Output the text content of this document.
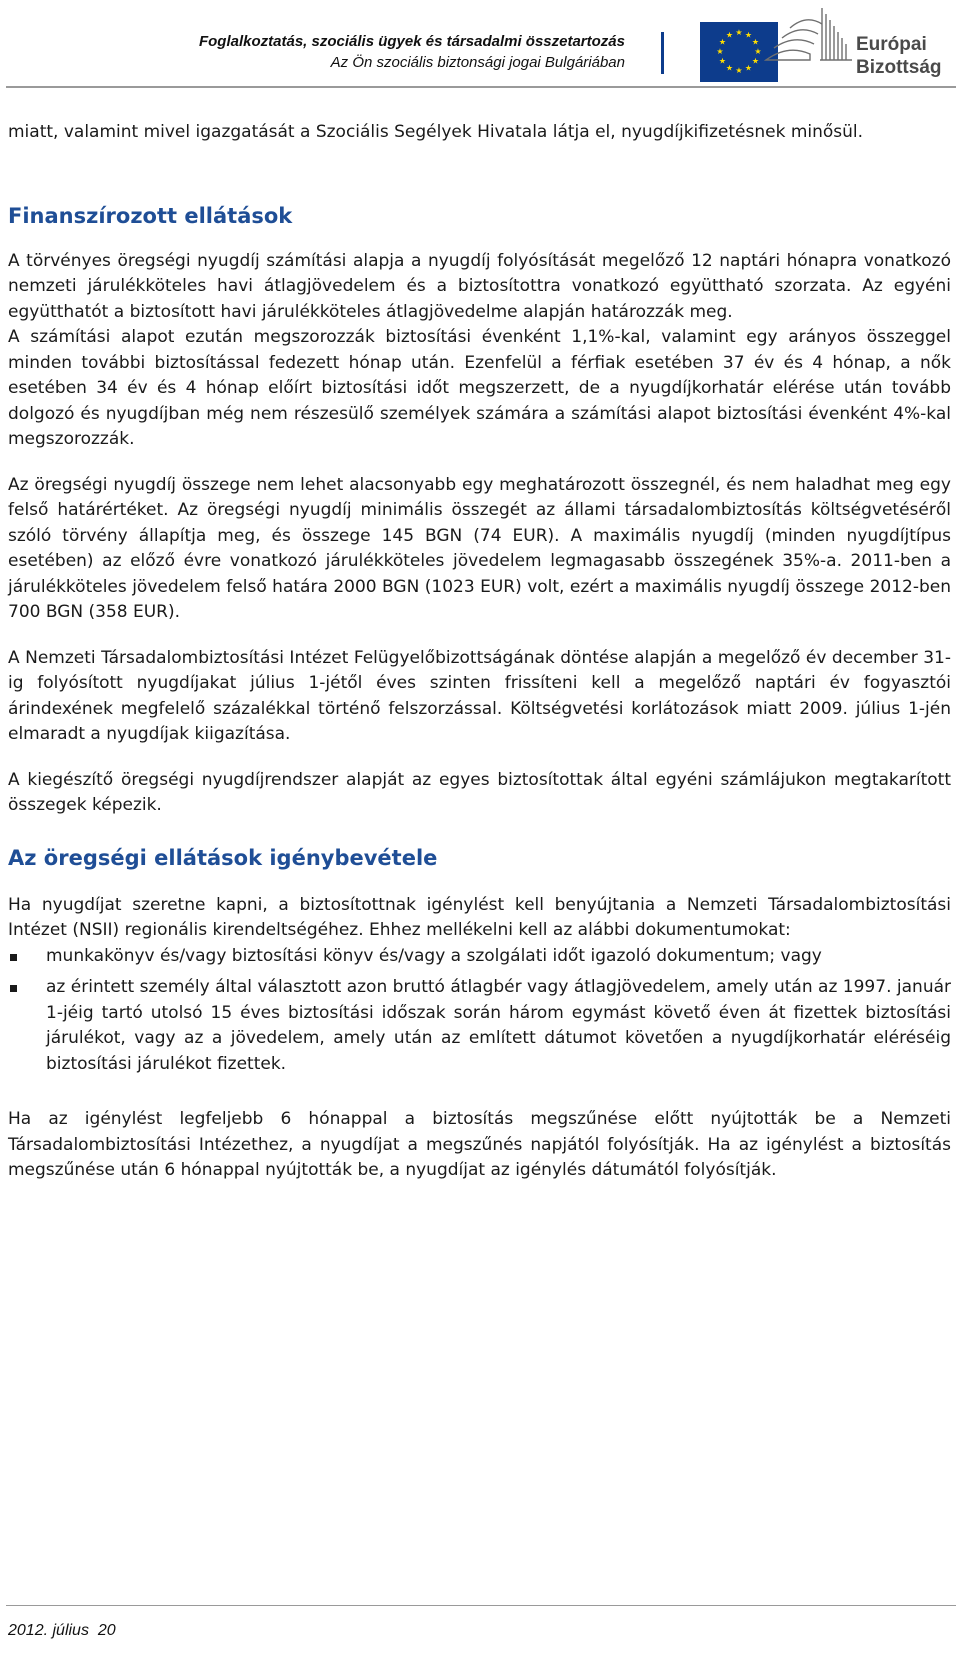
Foglalkoztatás, szociális ügyek és társadalmi összetartozás
Az Ön szociális biztonsági jogai Bulgáriában
★ ★
★
★
★
★
★
★
★
★
★
★	Európai
Bizottság

miatt, valamint mivel igazgatását a Szociális Segélyek Hivatala látja el, nyugdíjkifizetésnek minősül.

Finanszírozott ellátások

A törvényes öregségi nyugdíj számítási alapja a nyugdíj folyósítását megelőző 12 naptári hónapra vonatkozó nemzeti járulékköteles havi átlagjövedelem és a biztosítottra vonatkozó együttható szorzata. Az egyéni együtthatót a biztosított havi járulékköteles átlagjövedelme alapján határozzák meg.

A számítási alapot ezután megszorozzák biztosítási évenként 1,1%-kal, valamint egy arányos összeggel minden további biztosítással fedezett hónap után. Ezenfelül a férfiak esetében 37 év és 4 hónap, a nők esetében 34 év és 4 hónap előírt biztosítási időt megszerzett, de a nyugdíjkorhatár elérése után tovább dolgozó és nyugdíjban még nem részesülő személyek számára a számítási alapot biztosítási évenként 4%-kal megszorozzák.

Az öregségi nyugdíj összege nem lehet alacsonyabb egy meghatározott összegnél, és nem haladhat meg egy felső határértéket. Az öregségi nyugdíj minimális összegét az állami társadalombiztosítás költségvetéséről szóló törvény állapítja meg, és összege 145 BGN (74 EUR). A maximális nyugdíj (minden nyugdíjtípus esetében) az előző évre vonatkozó járulékköteles jövedelem legmagasabb összegének 35%-a. 2011-ben a járulékköteles jövedelem felső határa 2000 BGN (1023 EUR) volt, ezért a maximális nyugdíj összege 2012-ben 700 BGN (358 EUR).

A Nemzeti Társadalombiztosítási Intézet Felügyelőbizottságának döntése alapján a megelőző év december 31-ig folyósított nyugdíjakat július 1-jétől éves szinten frissíteni kell a megelőző naptári év fogyasztói árindexének megfelelő százalékkal történő felszorzással. Költségvetési korlátozások miatt 2009. július 1-jén elmaradt a nyugdíjak kiigazítása.

A kiegészítő öregségi nyugdíjrendszer alapját az egyes biztosítottak által egyéni számlájukon megtakarított összegek képezik.

Az öregségi ellátások igénybevétele

Ha nyugdíjat szeretne kapni, a biztosítottnak igénylést kell benyújtania a Nemzeti Társadalombiztosítási Intézet (NSII) regionális kirendeltségéhez. Ehhez mellékelni kell az alábbi dokumentumokat:

munkakönyv és/vagy biztosítási könyv és/vagy a szolgálati időt igazoló dokumentum; vagy
az érintett személy által választott azon bruttó átlagbér vagy átlagjövedelem, amely után az 1997. január 1-jéig tartó utolsó 15 éves biztosítási időszak során három egymást követő éven át fizettek biztosítási járulékot, vagy az a jövedelem, amely után az említett dátumot követően a nyugdíjkorhatár eléréséig biztosítási járulékot fizettek.

Ha az igénylést legfeljebb 6 hónappal a biztosítás megszűnése előtt nyújtották be a Nemzeti Társadalombiztosítási Intézethez, a nyugdíjat a megszűnés napjától folyósítják. Ha az igénylést a biztosítás megszűnése után 6 hónappal nyújtották be, a nyugdíjat az igénylés dátumától folyósítják.

2012. július 20
